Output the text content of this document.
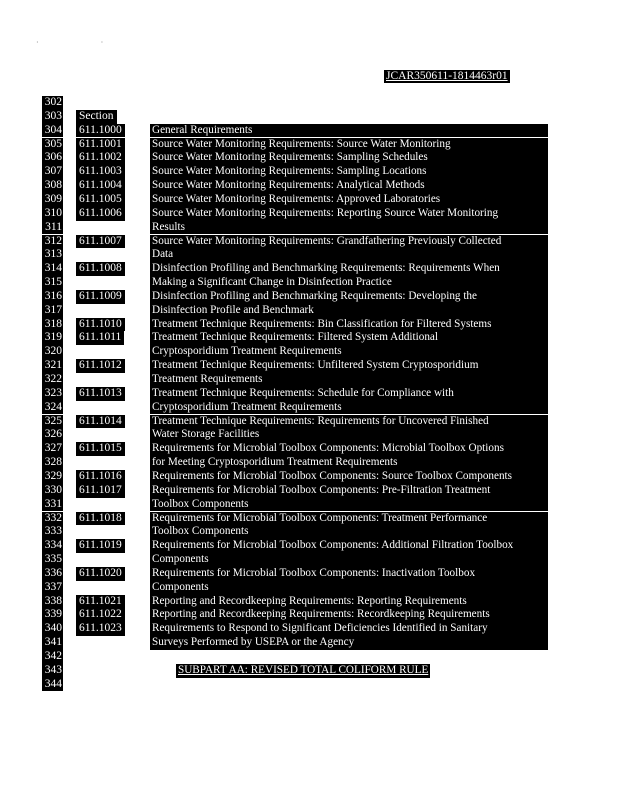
· ·
JCAR350611-1814463r01
302
303 Section
304 611.1000	General Requirements
305 611.1001	Source Water Monitoring Requirements: Source Water Monitoring
306 611.1002	Source Water Monitoring Requirements: Sampling Schedules
307 611.1003	Source Water Monitoring Requirements: Sampling Locations
308 611.1004	Source Water Monitoring Requirements: Analytical Methods
309 611.1005	Source Water Monitoring Requirements: Approved Laboratories
310 611.1006	Source Water Monitoring Requirements: Reporting Source Water Monitoring
311	Results
312 611.1007	Source Water Monitoring Requirements: Grandfathering Previously Collected
313	Data
314 611.1008	Disinfection Profiling and Benchmarking Requirements: Requirements When
315	Making a Significant Change in Disinfection Practice
316 611.1009	Disinfection Profiling and Benchmarking Requirements: Developing the
317	Disinfection Profile and Benchmark
318 611.1010	Treatment Technique Requirements: Bin Classification for Filtered Systems
319 611.1011	Treatment Technique Requirements: Filtered System Additional
320	Cryptosporidium Treatment Requirements
321 611.1012	Treatment Technique Requirements: Unfiltered System Cryptosporidium
322	Treatment Requirements
323 611.1013	Treatment Technique Requirements: Schedule for Compliance with
324	Cryptosporidium Treatment Requirements
325 611.1014	Treatment Technique Requirements: Requirements for Uncovered Finished
326	Water Storage Facilities
327 611.1015	Requirements for Microbial Toolbox Components: Microbial Toolbox Options
328	for Meeting Cryptosporidium Treatment Requirements
329 611.1016	Requirements for Microbial Toolbox Components: Source Toolbox Components
330 611.1017	Requirements for Microbial Toolbox Components: Pre-Filtration Treatment
331	Toolbox Components
332 611.1018	Requirements for Microbial Toolbox Components: Treatment Performance
333	Toolbox Components
334 611.1019	Requirements for Microbial Toolbox Components: Additional Filtration Toolbox
335	Components
336 611.1020	Requirements for Microbial Toolbox Components: Inactivation Toolbox
337	Components
338 611.1021	Reporting and Recordkeeping Requirements: Reporting Requirements
339 611.1022	Reporting and Recordkeeping Requirements: Recordkeeping Requirements
340 611.1023	Requirements to Respond to Significant Deficiencies Identified in Sanitary
341	Surveys Performed by USEPA or the Agency
342
343	SUBPART AA: REVISED TOTAL COLIFORM RULE
344
